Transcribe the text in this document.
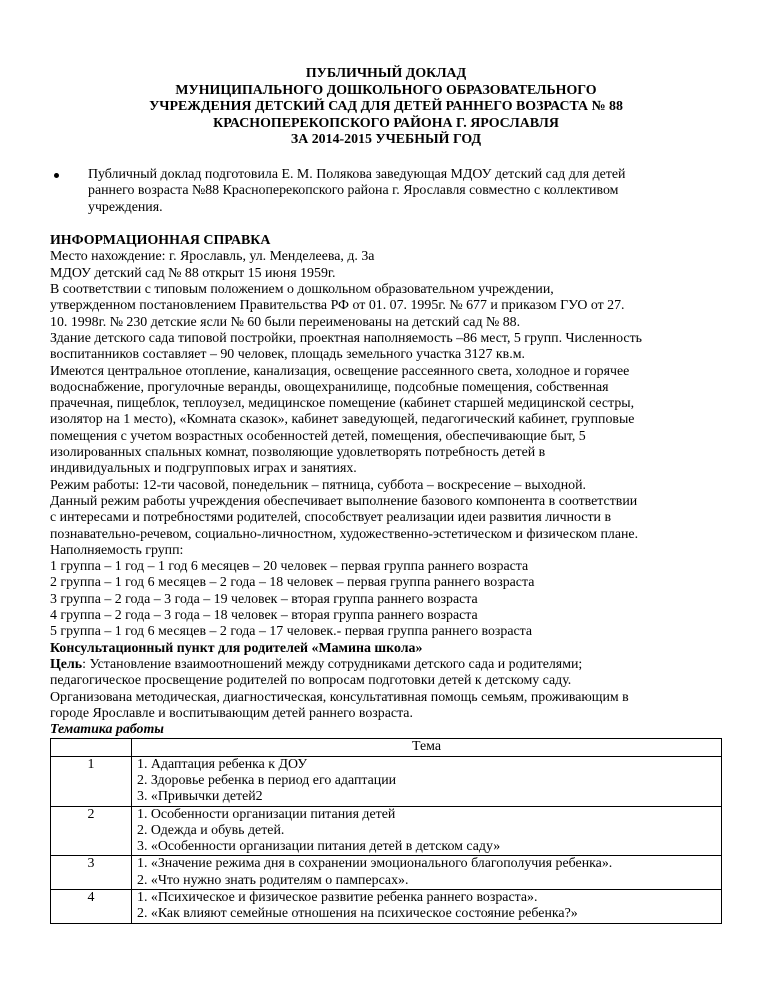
ПУБЛИЧНЫЙ ДОКЛАД
МУНИЦИПАЛЬНОГО ДОШКОЛЬНОГО ОБРАЗОВАТЕЛЬНОГО
УЧРЕЖДЕНИЯ ДЕТСКИЙ САД ДЛЯ ДЕТЕЙ РАННЕГО ВОЗРАСТА № 88
КРАСНОПЕРЕКОПСКОГО РАЙОНА Г. ЯРОСЛАВЛЯ
ЗА 2014-2015 УЧЕБНЫЙ ГОД
Публичный доклад подготовила Е. М. Полякова заведующая МДОУ детский сад для детей
раннего возраста №88 Красноперекопского района г. Ярославля совместно с коллективом
учреждения.
ИНФОРМАЦИОННАЯ СПРАВКА
Место нахождение: г. Ярославль, ул. Менделеева, д. 3а
МДОУ детский сад № 88 открыт 15 июня 1959г.
В соответствии с типовым положением о дошкольном образовательном учреждении,
утвержденном постановлением Правительства РФ от 01. 07. 1995г. № 677 и приказом ГУО от 27.
10. 1998г. № 230 детские ясли № 60 были переименованы на детский сад № 88.
Здание детского сада типовой постройки, проектная наполняемость –86 мест, 5 групп. Численность
воспитанников составляет – 90 человек, площадь земельного участка 3127 кв.м.
Имеются центральное отопление, канализация, освещение рассеянного света, холодное и горячее
водоснабжение, прогулочные веранды, овощехранилище, подсобные помещения, собственная
прачечная, пищеблок, теплоузел, медицинское помещение (кабинет старшей медицинской сестры,
изолятор на 1 место), «Комната сказок», кабинет заведующей, педагогический кабинет, групповые
помещения с учетом возрастных особенностей детей, помещения, обеспечивающие быт, 5
изолированных спальных комнат, позволяющие удовлетворять потребность детей в
индивидуальных и подгрупповых играх и занятиях.
Режим работы: 12-ти часовой, понедельник – пятница, суббота – воскресение – выходной.
Данный режим работы учреждения обеспечивает выполнение базового компонента в соответствии
с интересами и потребностями родителей, способствует реализации идеи развития личности в
познавательно-речевом, социально-личностном, художественно-эстетическом и физическом плане.
Наполняемость групп:
1 группа – 1 год – 1 год 6 месяцев – 20 человек – первая группа раннего возраста
2 группа – 1 год 6 месяцев – 2 года – 18 человек – первая группа раннего возраста
3 группа – 2 года – 3 года – 19 человек – вторая группа раннего возраста
4 группа – 2 года – 3 года – 18 человек – вторая группа раннего возраста
5 группа – 1 год 6 месяцев – 2 года – 17 человек.- первая группа раннего возраста
Консультационный пункт для родителей «Мамина школа»
Цель: Установление взаимоотношений между сотрудниками детского сада и родителями;
педагогическое просвещение родителей по вопросам подготовки детей к детскому саду.
Организована методическая, диагностическая, консультативная помощь семьям, проживающим в
городе Ярославле и воспитывающим детей раннего возраста.
Тематика работы
	Тема
1	1. Адаптация ребенка к ДОУ
2. Здоровье ребенка в период его адаптации
3. «Привычки детей2

2	1. Особенности организации питания детей
2. Одежда и обувь детей.
3. «Особенности организации питания детей в детском саду»

3	1. «Значение режима дня в сохранении эмоционального благополучия ребенка».
2. «Что нужно знать родителям о памперсах».

4	1. «Психическое и физическое развитие ребенка раннего возраста».
2. «Как влияют семейные отношения на психическое состояние ребенка?»
